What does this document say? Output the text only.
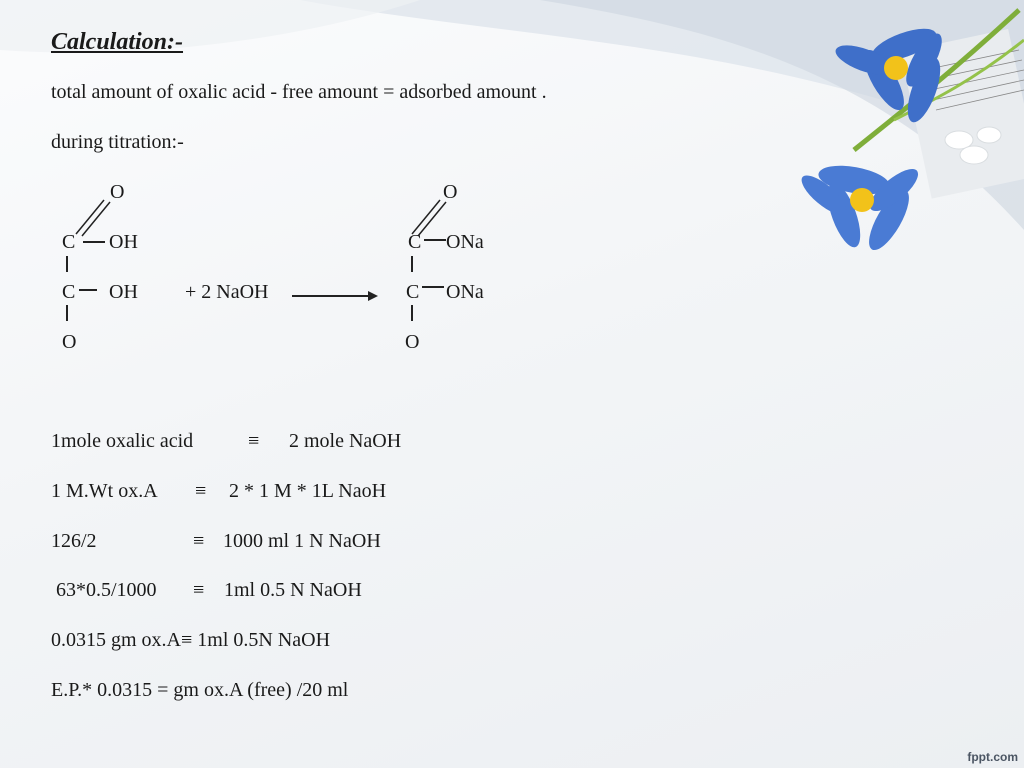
Calculation:-
total amount of oxalic acid - free amount = adsorbed amount .
during titration:-
O
C OH
C OH
O
+ 2 NaOH
O
C ONa
C ONa
O
1mole oxalic acid	≡ 2 mole NaOH
1 M.Wt ox.A ≡ 2 * 1 M * 1L NaoH
126/2	≡ 1000 ml 1 N NaOH
63*0.5/1000 ≡ 1ml 0.5 N NaOH
0.0315 gm ox.A≡ 1ml 0.5N NaOH
E.P.* 0.0315 = gm ox.A (free) /20 ml
fppt.com
